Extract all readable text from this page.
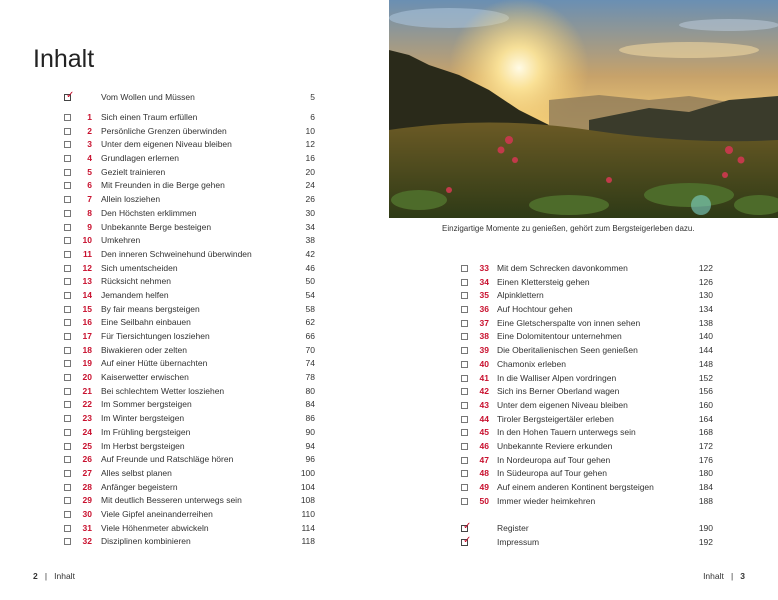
Inhalt
✓	Vom Wollen und Müssen	5
1 Sich einen Traum erfüllen	6
2 Persönliche Grenzen überwinden	10
3 Unter dem eigenen Niveau bleiben	12
4 Grundlagen erlernen	16
5 Gezielt trainieren	20
6 Mit Freunden in die Berge gehen	24
7 Allein losziehen	26
8 Den Höchsten erklimmen	30
9 Unbekannte Berge besteigen	34
10 Umkehren	38
11 Den inneren Schweinehund überwinden	42
12 Sich umentscheiden	46
13 Rücksicht nehmen	50
14 Jemandem helfen	54
15 By fair means bergsteigen	58
16 Eine Seilbahn einbauen	62
17 Für Tiersichtungen losziehen	66
18 Biwakieren oder zelten	70
19 Auf einer Hütte übernachten	74
20 Kaiserwetter erwischen	78
21 Bei schlechtem Wetter losziehen	80
22 Im Sommer bergsteigen	84
23 Im Winter bergsteigen	86
24 Im Frühling bergsteigen	90
25 Im Herbst bergsteigen	94
26 Auf Freunde und Ratschläge hören	96
27 Alles selbst planen	100
28 Anfänger begeistern	104
29 Mit deutlich Besseren unterwegs sein	108
30 Viele Gipfel aneinanderreihen	110
31 Viele Höhenmeter abwickeln	114
32 Disziplinen kombinieren	118
2 | Inhalt
Einzigartige Momente zu genießen, gehört zum Bergsteigerleben dazu.
33 Mit dem Schrecken davonkommen	122
34 Einen Klettersteig gehen	126
35 Alpinklettern	130
36 Auf Hochtour gehen	134
37 Eine Gletscherspalte von innen sehen	138
38 Eine Dolomitentour unternehmen	140
39 Die Oberitalienischen Seen genießen	144
40 Chamonix erleben	148
41 In die Walliser Alpen vordringen	152
42 Sich ins Berner Oberland wagen	156
43 Unter dem eigenen Niveau bleiben	160
44 Tiroler Bergsteigertäler erleben	164
45 In den Hohen Tauern unterwegs sein	168
46 Unbekannte Reviere erkunden	172
47 In Nordeuropa auf Tour gehen	176
48 In Südeuropa auf Tour gehen	180
49 Auf einem anderen Kontinent bergsteigen	184
50 Immer wieder heimkehren	188
✓	Register	190
✓	Impressum	192
Inhalt | 3
